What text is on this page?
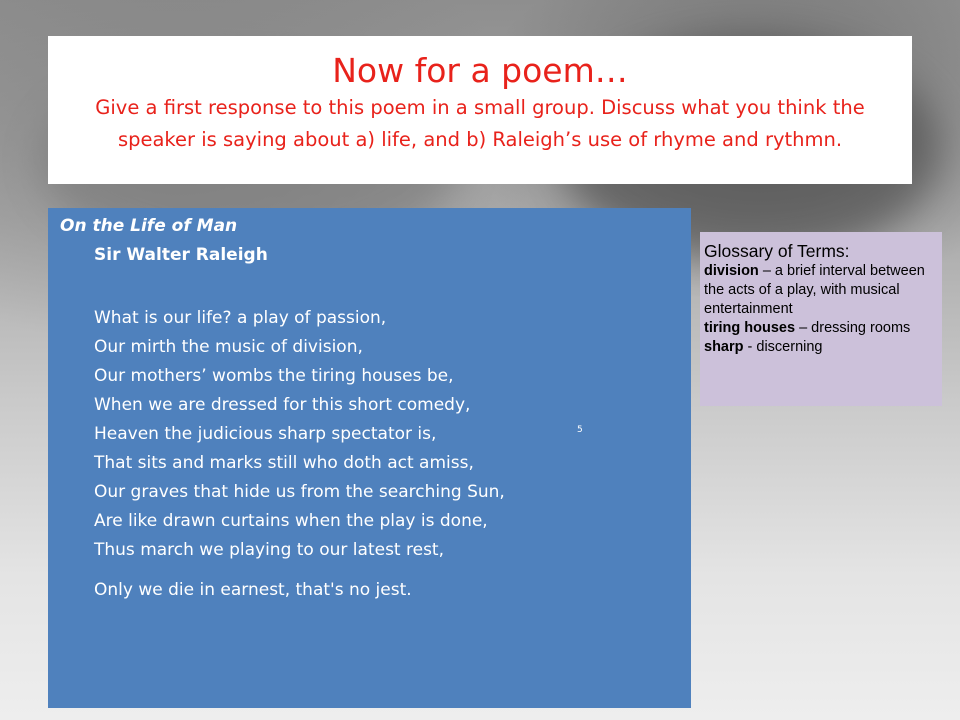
Now for a poem…
Give a first response to this poem in a small group. Discuss what you think the speaker is saying about a) life, and b) Raleigh’s use of rhyme and rythmn.
On the Life of Man
Sir Walter Raleigh
What is our life? a play of passion,
Our mirth the music of division,
Our mothers’ wombs the tiring houses be,
When we are dressed for this short comedy,
Heaven the judicious sharp spectator is,
That sits and marks still who doth act amiss,
Our graves that hide us from the searching Sun,
Are like drawn curtains when the play is done,
Thus march we playing to our latest rest,
5
Only we die in earnest, that's no jest.
Glossary of Terms:
division – a brief interval between the acts of a play, with musical entertainment
tiring houses – dressing rooms
sharp - discerning
